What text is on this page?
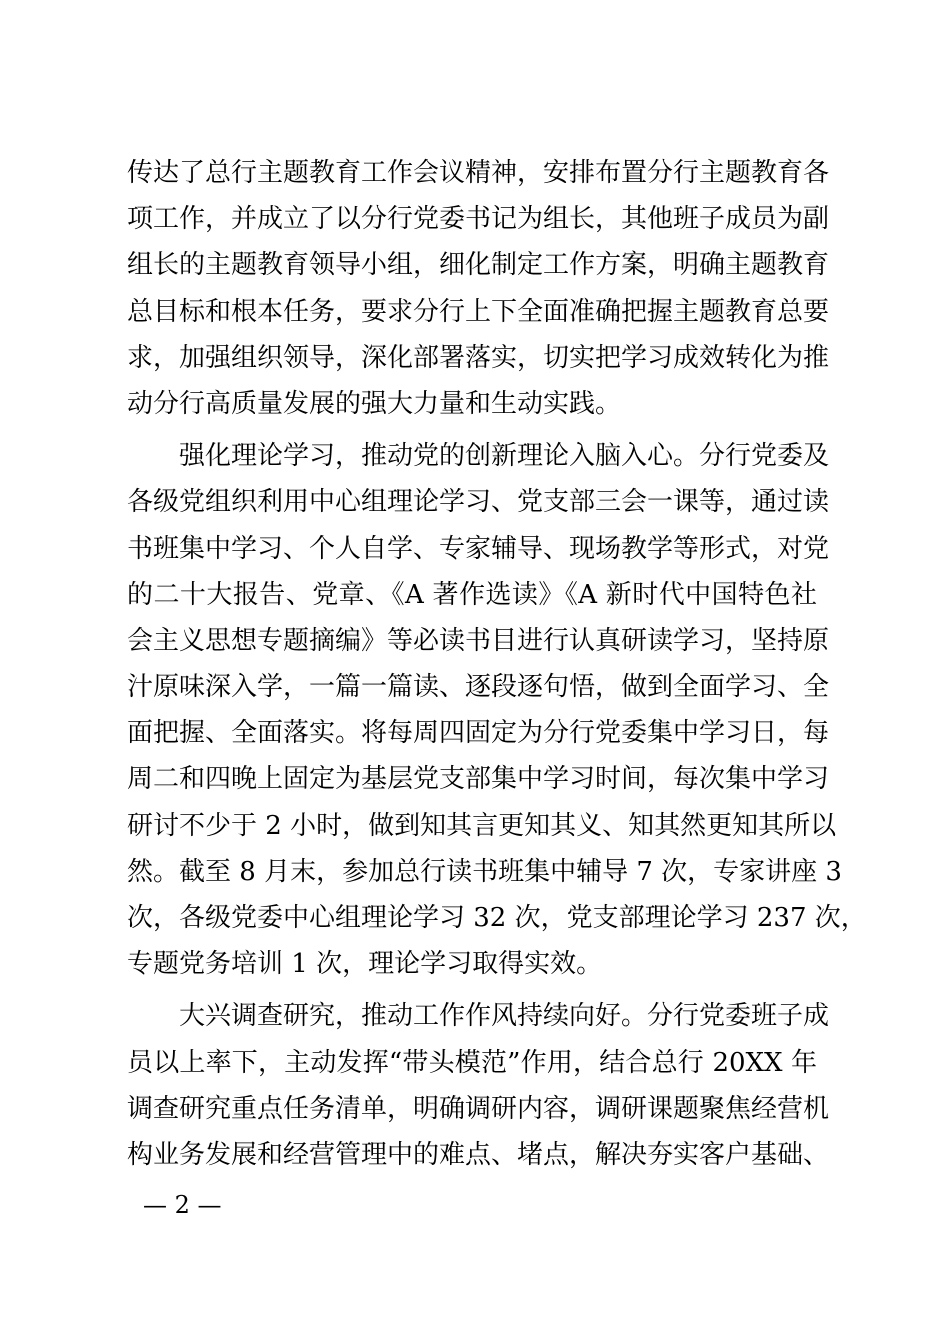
传达了总行主题教育工作会议精神，安排布置分行主题教育各
项工作，并成立了以分行党委书记为组长，其他班子成员为副
组长的主题教育领导小组，细化制定工作方案，明确主题教育
总目标和根本任务，要求分行上下全面准确把握主题教育总要
求，加强组织领导，深化部署落实，切实把学习成效转化为推
动分行高质量发展的强大力量和生动实践。
强化理论学习，推动党的创新理论入脑入心。分行党委及
各级党组织利用中心组理论学习、党支部三会一课等，通过读
书班集中学习、个人自学、专家辅导、现场教学等形式，对党
的二十大报告、党章、《A 著作选读》《A 新时代中国特色社
会主义思想专题摘编》等必读书目进行认真研读学习，坚持原
汁原味深入学，一篇一篇读、逐段逐句悟，做到全面学习、全
面把握、全面落实。将每周四固定为分行党委集中学习日，每
周二和四晚上固定为基层党支部集中学习时间，每次集中学习
研讨不少于 2 小时，做到知其言更知其义、知其然更知其所以
然。截至 8 月末，参加总行读书班集中辅导 7 次，专家讲座 3
次，各级党委中心组理论学习 32 次，党支部理论学习 237 次，
专题党务培训 1 次，理论学习取得实效。
大兴调查研究，推动工作作风持续向好。分行党委班子成
员以上率下，主动发挥“带头模范”作用，结合总行 20XX 年
调查研究重点任务清单，明确调研内容，调研课题聚焦经营机
构业务发展和经营管理中的难点、堵点，解决夯实客户基础、
— 2 —
